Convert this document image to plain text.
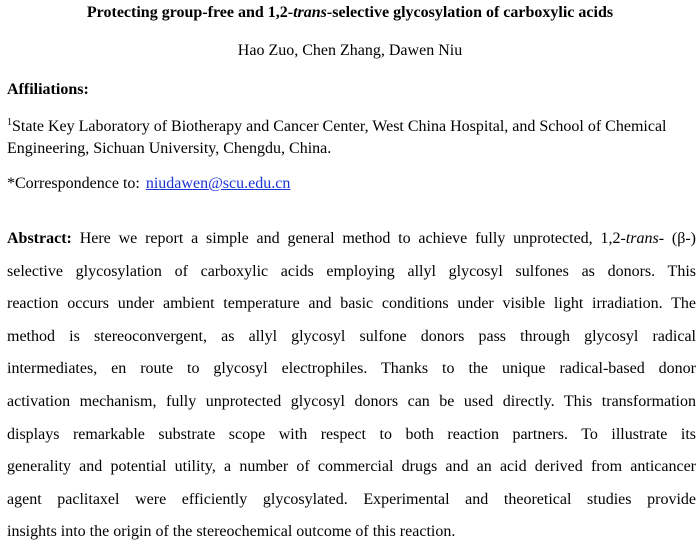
Protecting group-free and 1,2-trans-selective glycosylation of carboxylic acids
Hao Zuo, Chen Zhang, Dawen Niu
Affiliations:
$^1$State Key Laboratory of Biotherapy and Cancer Center, West China Hospital, and School of Chemical Engineering, Sichuan University, Chengdu, China.
*Correspondence to: niudawen@scu.edu.cn
Abstract: Here we report a simple and general method to achieve fully unprotected, 1,2-trans- (β-)
selective glycosylation of carboxylic acids employing allyl glycosyl sulfones as donors. This
reaction occurs under ambient temperature and basic conditions under visible light irradiation. The
method is stereoconvergent, as allyl glycosyl sulfone donors pass through glycosyl radical
intermediates, en route to glycosyl electrophiles. Thanks to the unique radical-based donor
activation mechanism, fully unprotected glycosyl donors can be used directly. This transformation
displays remarkable substrate scope with respect to both reaction partners. To illustrate its
generality and potential utility, a number of commercial drugs and an acid derived from anticancer
agent paclitaxel were efficiently glycosylated. Experimental and theoretical studies provide
insights into the origin of the stereochemical outcome of this reaction.
